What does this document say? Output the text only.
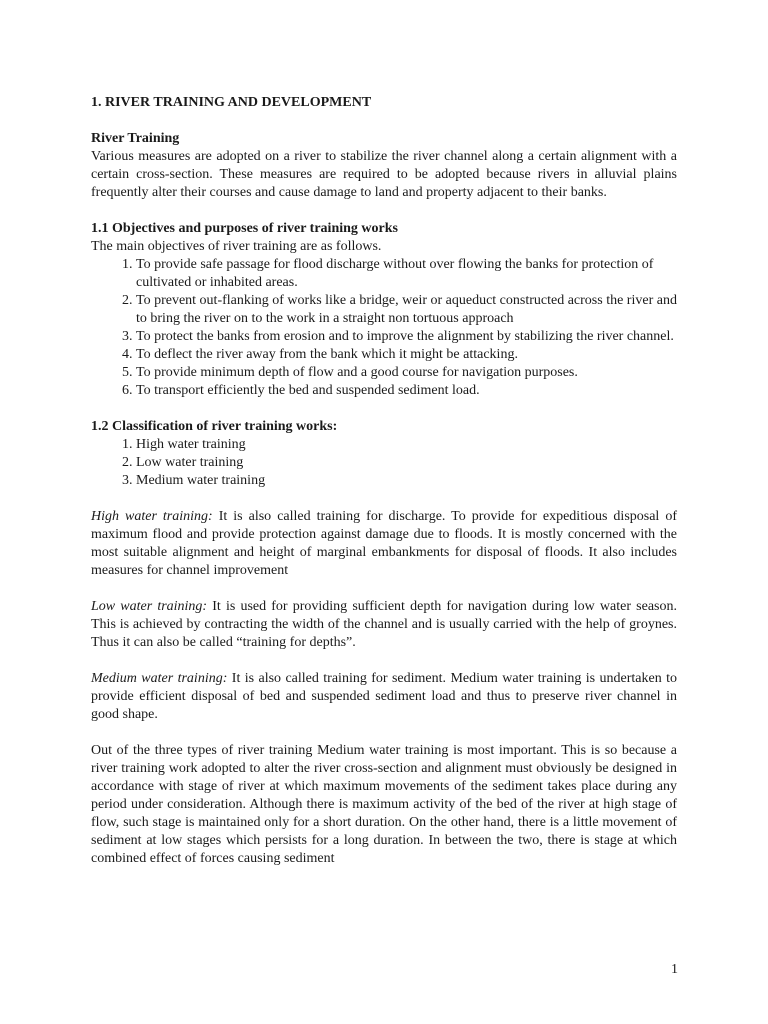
1. RIVER TRAINING AND DEVELOPMENT

River Training

Various measures are adopted on a river to stabilize the river channel along a certain alignment with a certain cross-section. These measures are required to be adopted because rivers in alluvial plains frequently alter their courses and cause damage to land and property adjacent to their banks.

1.1 Objectives and purposes of river training works

The main objectives of river training are as follows.

1. To provide safe passage for flood discharge without over flowing the banks for protection of cultivated or inhabited areas.
2. To prevent out-flanking of works like a bridge, weir or aqueduct constructed across the river and to bring the river on to the work in a straight non tortuous approach
3. To protect the banks from erosion and to improve the alignment by stabilizing the river channel.
4. To deflect the river away from the bank which it might be attacking.
5. To provide minimum depth of flow and a good course for navigation purposes.
6. To transport efficiently the bed and suspended sediment load.

1.2 Classification of river training works:

1. High water training
2. Low water training
3. Medium water training

High water training: It is also called training for discharge. To provide for expeditious disposal of maximum flood and provide protection against damage due to floods. It is mostly concerned with the most suitable alignment and height of marginal embankments for disposal of floods. It also includes measures for channel improvement

Low water training: It is used for providing sufficient depth for navigation during low water season. This is achieved by contracting the width of the channel and is usually carried with the help of groynes. Thus it can also be called “training for depths”.

Medium water training: It is also called training for sediment. Medium water training is undertaken to provide efficient disposal of bed and suspended sediment load and thus to preserve river channel in good shape.

Out of the three types of river training Medium water training is most important. This is so because a river training work adopted to alter the river cross-section and alignment must obviously be designed in accordance with stage of river at which maximum movements of the sediment takes place during any period under consideration. Although there is maximum activity of the bed of the river at high stage of flow, such stage is maintained only for a short duration. On the other hand, there is a little movement of sediment at low stages which persists for a long duration. In between the two, there is stage at which combined effect of forces causing sediment

1
